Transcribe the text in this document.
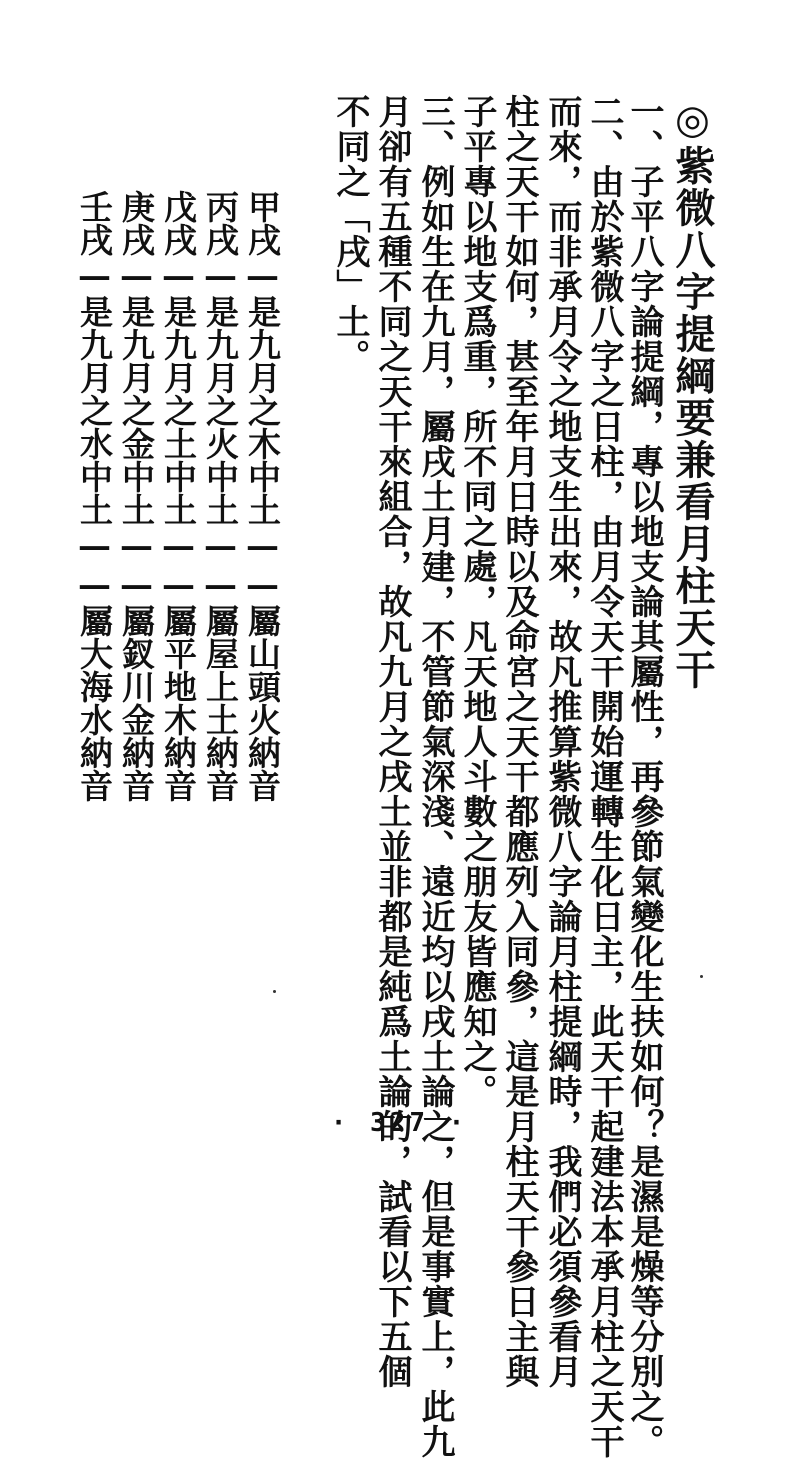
◎紫微八字提綱要兼看月柱天干
一、子平八字論提綱，專以地支論其屬性，再參節氣變化生扶如何？是濕是燥等分別之。
二、由於紫微八字之日柱，由月令天干開始運轉生化日主，此天干起建法本承月柱之天干
而來，而非承月令之地支生出來，故凡推算紫微八字論月柱提綱時，我們必須參看月
柱之天干如何，甚至年月日時以及命宮之天干都應列入同參，這是月柱天干參日主與
子平專以地支爲重，所不同之處，凡天地人斗數之朋友皆應知之。
三、例如生在九月，屬戌土月建，不管節氣深淺、遠近均以戌土論之，但是事實上，此九
月卻有五種不同之天干來組合，故凡九月之戌土並非都是純爲土論的，試看以下五個
不同之「戌」土。
甲戌—是九月之木中土——屬山頭火納音
丙戌—是九月之火中土——屬屋上土納音
戊戌—是九月之土中土——屬平地木納音
庚戌—是九月之金中土——屬釵川金納音
壬戌—是九月之水中土——屬大海水納音
· 327 ·
